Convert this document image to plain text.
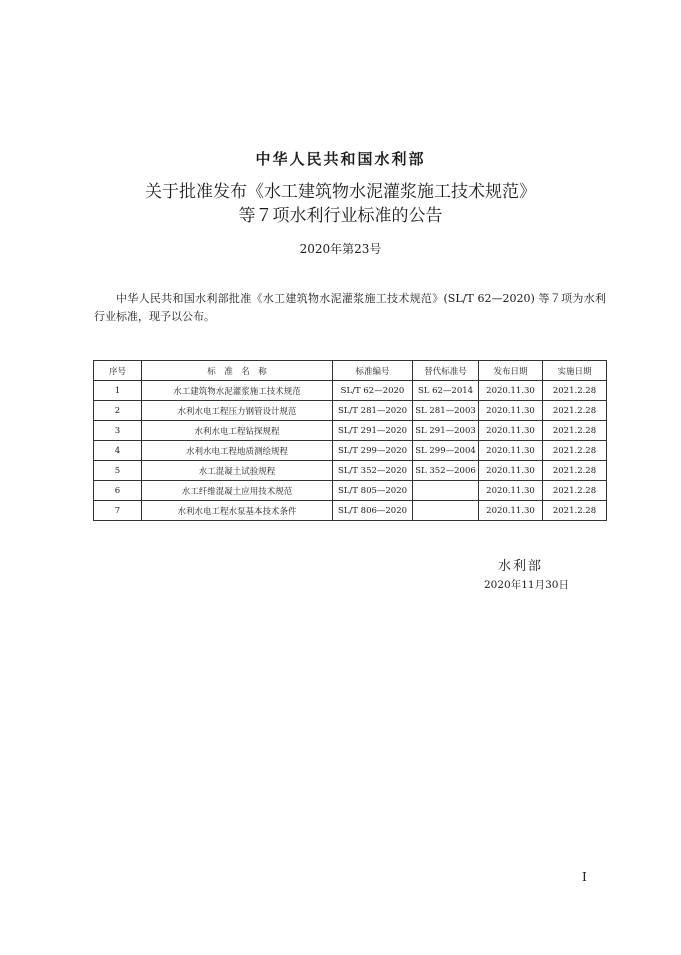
中华人民共和国水利部
关于批准发布《水工建筑物水泥灌浆施工技术规范》
等７项水利行业标准的公告
2020年第23号
中华人民共和国水利部批准《水工建筑物水泥灌浆施工技术规范》(SL/T 62—2020) 等７项为水利行业标准，现予以公布。
序号	标　准　名　称	标准编号	替代标准号	发布日期	实施日期
1	水工建筑物水泥灌浆施工技术规范	SL/T 62—2020	SL 62—2014	2020.11.30	2021.2.28
2	水利水电工程压力钢管设计规范	SL/T 281—2020	SL 281—2003	2020.11.30	2021.2.28
3	水利水电工程钻探规程	SL/T 291—2020	SL 291—2003	2020.11.30	2021.2.28
4	水利水电工程地质测绘规程	SL/T 299—2020	SL 299—2004	2020.11.30	2021.2.28
5	水工混凝土试验规程	SL/T 352—2020	SL 352—2006	2020.11.30	2021.2.28
6	水工纤维混凝土应用技术规范	SL/T 805—2020		2020.11.30	2021.2.28
7	水利水电工程水泵基本技术条件	SL/T 806—2020		2020.11.30	2021.2.28
水利部
2020年11月30日
I
